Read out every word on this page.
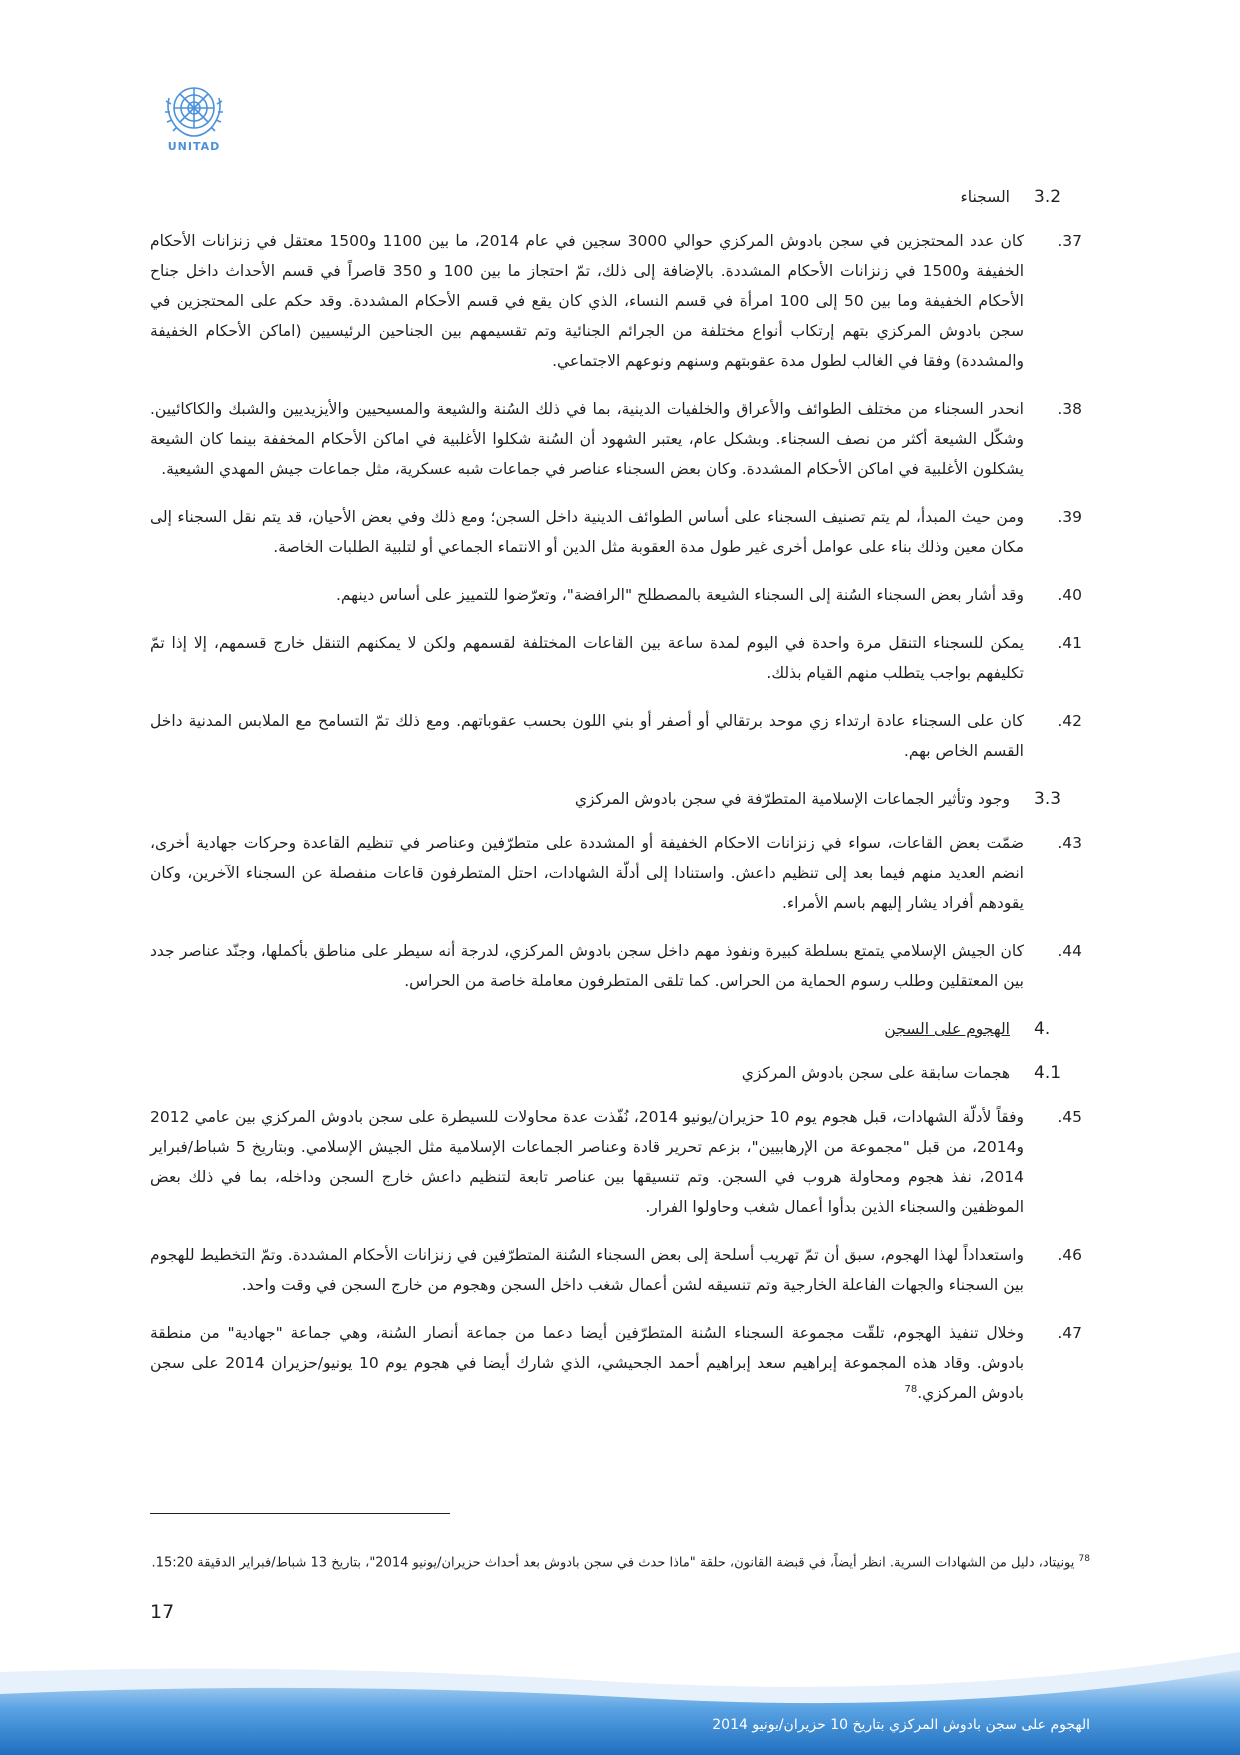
UNITAD
3.2
السجناء
37.
كان عدد المحتجزين في سجن بادوش المركزي حوالي 3000 سجين في عام 2014، ما بين 1100 و1500 معتقل في زنزانات الأحكام الخفيفة و1500 في زنزانات الأحكام المشددة. بالإضافة إلى ذلك، تمّ احتجاز ما بين 100 و 350 قاصراً في قسم الأحداث داخل جناح الأحكام الخفيفة وما بين 50 إلى 100 امرأة في قسم النساء، الذي كان يقع في قسم الأحكام المشددة. وقد حكم على المحتجزين في سجن بادوش المركزي بتهم إرتكاب أنواع مختلفة من الجرائم الجنائية وتم تقسيمهم بين الجناحين الرئيسيين (اماكن الأحكام الخفيفة والمشددة) وفقا في الغالب لطول مدة عقوبتهم وسنهم ونوعهم الاجتماعي.
38.
انحدر السجناء من مختلف الطوائف والأعراق والخلفيات الدينية، بما في ذلك السُنة والشيعة والمسيحيين والأيزيديين والشبك والكاكائيين. وشكّل الشيعة أكثر من نصف السجناء. وبشكل عام، يعتبر الشهود أن السُنة شكلوا الأغلبية في اماكن الأحكام المخففة بينما كان الشيعة يشكلون الأغلبية في اماكن الأحكام المشددة. وكان بعض السجناء عناصر في جماعات شبه عسكرية، مثل جماعات جيش المهدي الشيعية.
39.
ومن حيث المبدأ، لم يتم تصنيف السجناء على أساس الطوائف الدينية داخل السجن؛ ومع ذلك وفي بعض الأحيان، قد يتم نقل السجناء إلى مكان معين وذلك بناء على عوامل أخرى غير طول مدة العقوبة مثل الدين أو الانتماء الجماعي أو لتلبية الطلبات الخاصة.
40.
وقد أشار بعض السجناء السُنة إلى السجناء الشيعة بالمصطلح "الرافضة"، وتعرّضوا للتمييز على أساس دينهم.
41.
يمكن للسجناء التنقل مرة واحدة في اليوم لمدة ساعة بين القاعات المختلفة لقسمهم ولكن لا يمكنهم التنقل خارج قسمهم، إلا إذا تمّ تكليفهم بواجب يتطلب منهم القيام بذلك.
42.
كان على السجناء عادة ارتداء زي موحد برتقالي أو أصفر أو بني اللون بحسب عقوباتهم. ومع ذلك تمّ التسامح مع الملابس المدنية داخل القسم الخاص بهم.
3.3
وجود وتأثير الجماعات الإسلامية المتطرّفة في سجن بادوش المركزي
43.
ضمّت بعض القاعات، سواء في زنزانات الاحكام الخفيفة أو المشددة على متطرّفين وعناصر في تنظيم القاعدة وحركات جهادية أخرى، انضم العديد منهم فيما بعد إلى تنظيم داعش. واستنادا إلى أدلّة الشهادات، احتل المتطرفون قاعات منفصلة عن السجناء الآخرين، وكان يقودهم أفراد يشار إليهم باسم الأمراء.
44.
كان الجيش الإسلامي يتمتع بسلطة كبيرة ونفوذ مهم داخل سجن بادوش المركزي، لدرجة أنه سيطر على مناطق بأكملها، وجنّد عناصر جدد بين المعتقلين وطلب رسوم الحماية من الحراس. كما تلقى المتطرفون معاملة خاصة من الحراس.
4.
الهجوم على السجن
4.1
هجمات سابقة على سجن بادوش المركزي
45.
وفقاً لأدلّة الشهادات، قبل هجوم يوم 10 حزيران/يونيو 2014، نُفّذت عدة محاولات للسيطرة على سجن بادوش المركزي بين عامي 2012 و2014، من قبل "مجموعة من الإرهابيين"، بزعم تحرير قادة وعناصر الجماعات الإسلامية مثل الجيش الإسلامي. وبتاريخ 5 شباط/فبراير 2014، نفذ هجوم ومحاولة هروب في السجن. وتم تنسيقها بين عناصر تابعة لتنظيم داعش خارج السجن وداخله، بما في ذلك بعض الموظفين والسجناء الذين بدأوا أعمال شغب وحاولوا الفرار.
46.
واستعداداً لهذا الهجوم، سبق أن تمّ تهريب أسلحة إلى بعض السجناء السُنة المتطرّفين في زنزانات الأحكام المشددة. وتمّ التخطيط للهجوم بين السجناء والجهات الفاعلة الخارجية وتم تنسيقه لشن أعمال شغب داخل السجن وهجوم من خارج السجن في وقت واحد.
47.
وخلال تنفيذ الهجوم، تلقّت مجموعة السجناء السُنة المتطرّفين أيضا دعما من جماعة أنصار السُنة، وهي جماعة "جهادية" من منطقة بادوش. وقاد هذه المجموعة إبراهيم سعد إبراهيم أحمد الجحيشي، الذي شارك أيضا في هجوم يوم 10 يونيو/حزيران 2014 على سجن بادوش المركزي.$^{78}$
$^{78}$ يونيتاد، دليل من الشهادات السرية. انظر أيضاً، في قبضة القانون، حلقة "ماذا حدث في سجن بادوش بعد أحداث حزيران/يونيو 2014"، بتاريخ 13 شباط/فبراير الدقيقة 15:20.
17
الهجوم على سجن بادوش المركزي بتاريخ 10 حزيران/يونيو 2014
